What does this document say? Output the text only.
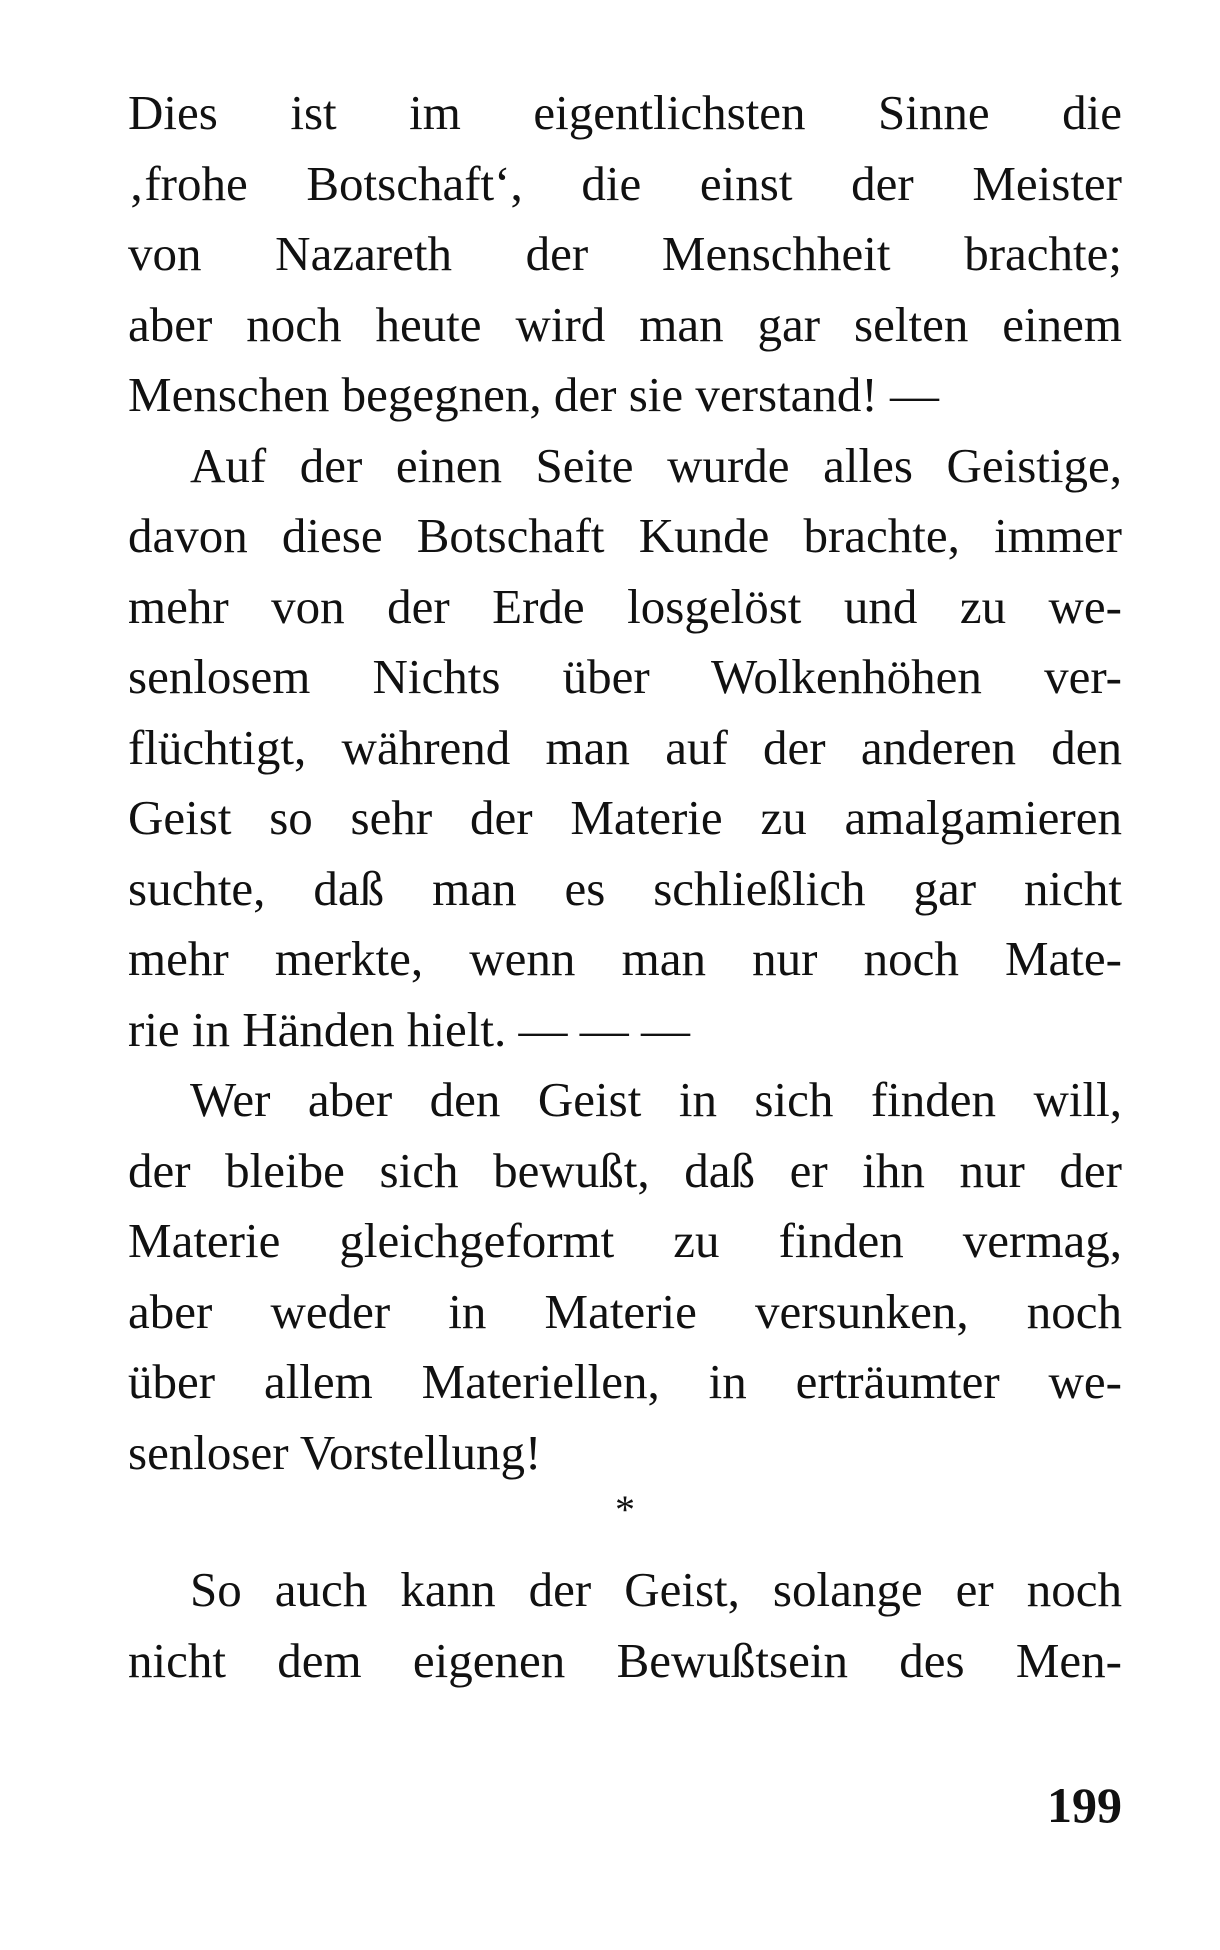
Dies ist im eigentlichsten Sinne die
‚frohe Botschaft‘, die einst der Meister
von Nazareth der Menschheit brachte;
aber noch heute wird man gar selten einem
Menschen begegnen, der sie verstand! —
Auf der einen Seite wurde alles Geistige,
davon diese Botschaft Kunde brachte, immer
mehr von der Erde losgelöst und zu we-
senlosem Nichts über Wolkenhöhen ver-
flüchtigt, während man auf der anderen den
Geist so sehr der Materie zu amalgamieren
suchte, daß man es schließlich gar nicht
mehr merkte, wenn man nur noch Mate-
rie in Händen hielt. — — —
Wer aber den Geist in sich finden will,
der bleibe sich bewußt, daß er ihn nur der
Materie gleichgeformt zu finden vermag,
aber weder in Materie versunken, noch
über allem Materiellen, in erträumter we-
senloser Vorstellung!
*
So auch kann der Geist, solange er noch
nicht dem eigenen Bewußtsein des Men-
199
